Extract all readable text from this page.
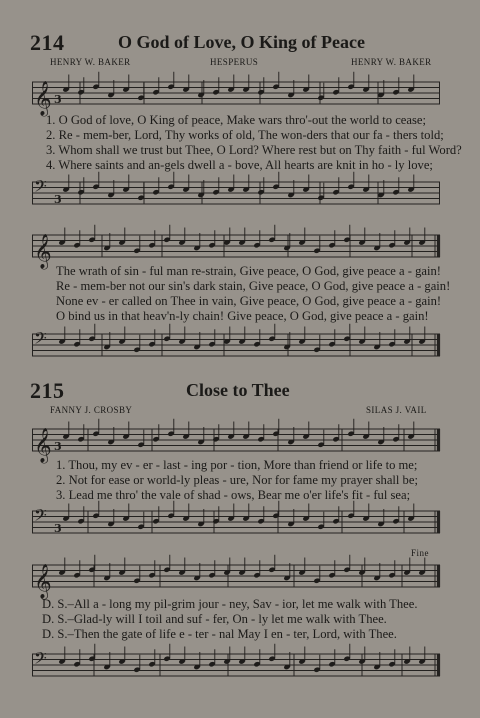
214	O God of Love, O King of Peace
HENRY W. BAKER	HESPERUS	HENRY W. BAKER
𝄞 3
1. O God of love, O King of peace, Make wars thro'-out the world to cease;
2. Re - mem-ber, Lord, Thy works of old, The won-ders that our fa - thers told;
3. Whom shall we trust but Thee, O Lord? Where rest but on Thy faith - ful Word?
4. Where saints and an-gels dwell a - bove, All hearts are knit in ho - ly love;
𝄢 3
𝄞
The wrath of sin - ful man re-strain, Give peace, O God, give peace a - gain!
Re - mem-ber not our sin's dark stain, Give peace, O God, give peace a - gain!
None ev - er called on Thee in vain, Give peace, O God, give peace a - gain!
O bind us in that heav'n-ly chain! Give peace, O God, give peace a - gain!
𝄢
215	Close to Thee
FANNY J. CROSBY	SILAS J. VAIL
𝄞 3
1. Thou, my ev - er - last - ing por - tion, More than friend or life to me;
2. Not for ease or world-ly pleas - ure, Nor for fame my prayer shall be;
3. Lead me thro' the vale of shad - ows, Bear me o'er life's fit - ful sea;
𝄢 3
Fine
𝄞
D. S.–All a - long my pil-grim jour - ney, Sav - ior, let me walk with Thee.
D. S.–Glad-ly will I toil and suf - fer, On - ly let me walk with Thee.
D. S.–Then the gate of life e - ter - nal May I en - ter, Lord, with Thee.
𝄢
